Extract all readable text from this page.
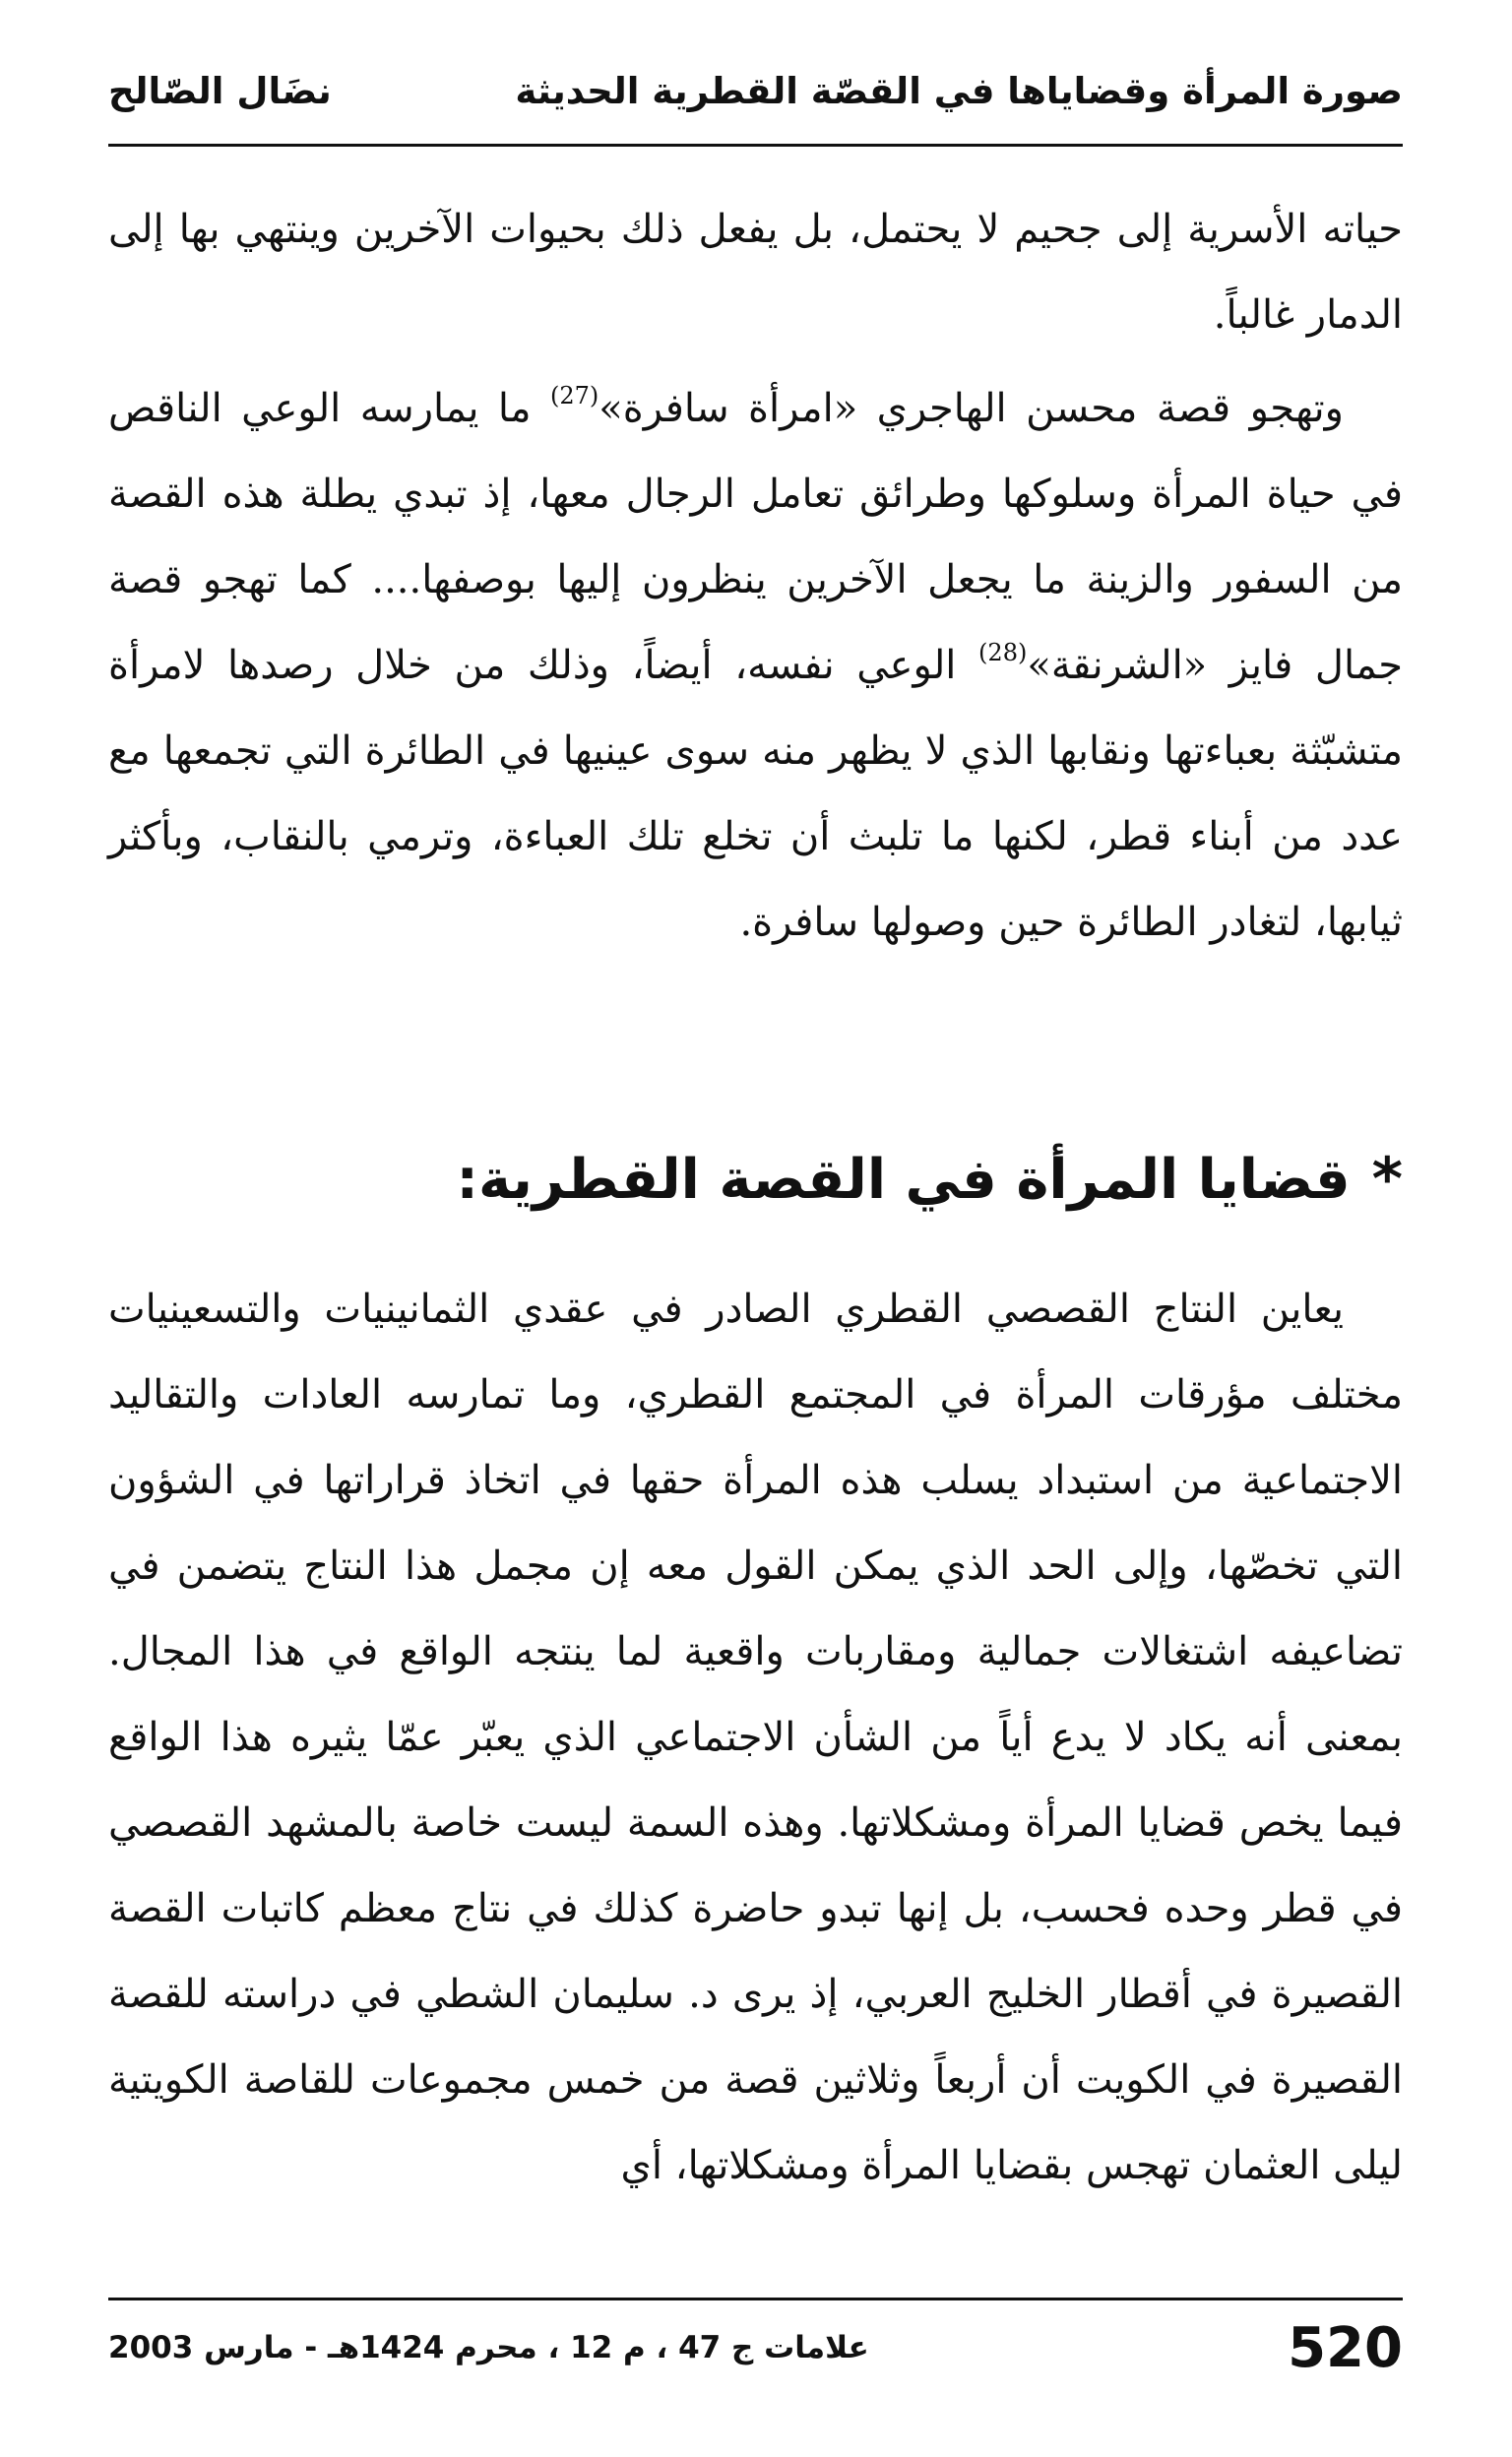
صورة المرأة وقضاياها في القصّة القطرية الحديثة
نضَال الصّالح

حياته الأسرية إلى جحيم لا يحتمل، بل يفعل ذلك بحيوات الآخرين وينتهي بها إلى الدمار غالباً.

وتهجو قصة محسن الهاجري «امرأة سافرة»$^{(27)}$ ما يمارسه الوعي الناقص في حياة المرأة وسلوكها وطرائق تعامل الرجال معها، إذ تبدي يطلة هذه القصة من السفور والزينة ما يجعل الآخرين ينظرون إليها بوصفها.... كما تهجو قصة جمال فايز «الشرنقة»$^{(28)}$ الوعي نفسه، أيضاً، وذلك من خلال رصدها لامرأة متشبّثة بعباءتها ونقابها الذي لا يظهر منه سوى عينيها في الطائرة التي تجمعها مع عدد من أبناء قطر، لكنها ما تلبث أن تخلع تلك العباءة، وترمي بالنقاب، وبأكثر ثيابها، لتغادر الطائرة حين وصولها سافرة.

*
قضايا المرأة في القصة القطرية:

يعاين النتاج القصصي القطري الصادر في عقدي الثمانينيات والتسعينيات مختلف مؤرقات المرأة في المجتمع القطري، وما تمارسه العادات والتقاليد الاجتماعية من استبداد يسلب هذه المرأة حقها في اتخاذ قراراتها في الشؤون التي تخصّها، وإلى الحد الذي يمكن القول معه إن مجمل هذا النتاج يتضمن في تضاعيفه اشتغالات جمالية ومقاربات واقعية لما ينتجه الواقع في هذا المجال. بمعنى أنه يكاد لا يدع أياً من الشأن الاجتماعي الذي يعبّر عمّا يثيره هذا الواقع فيما يخص قضايا المرأة ومشكلاتها. وهذه السمة ليست خاصة بالمشهد القصصي في قطر وحده فحسب، بل إنها تبدو حاضرة كذلك في نتاج معظم كاتبات القصة القصيرة في أقطار الخليج العربي، إذ يرى د. سليمان الشطي في دراسته للقصة القصيرة في الكويت أن أربعاً وثلاثين قصة من خمس مجموعات للقاصة الكويتية ليلى العثمان تهجس بقضايا المرأة ومشكلاتها، أي

520
علامات ج 47 ، م 12 ، محرم 1424هـ - مارس 2003
